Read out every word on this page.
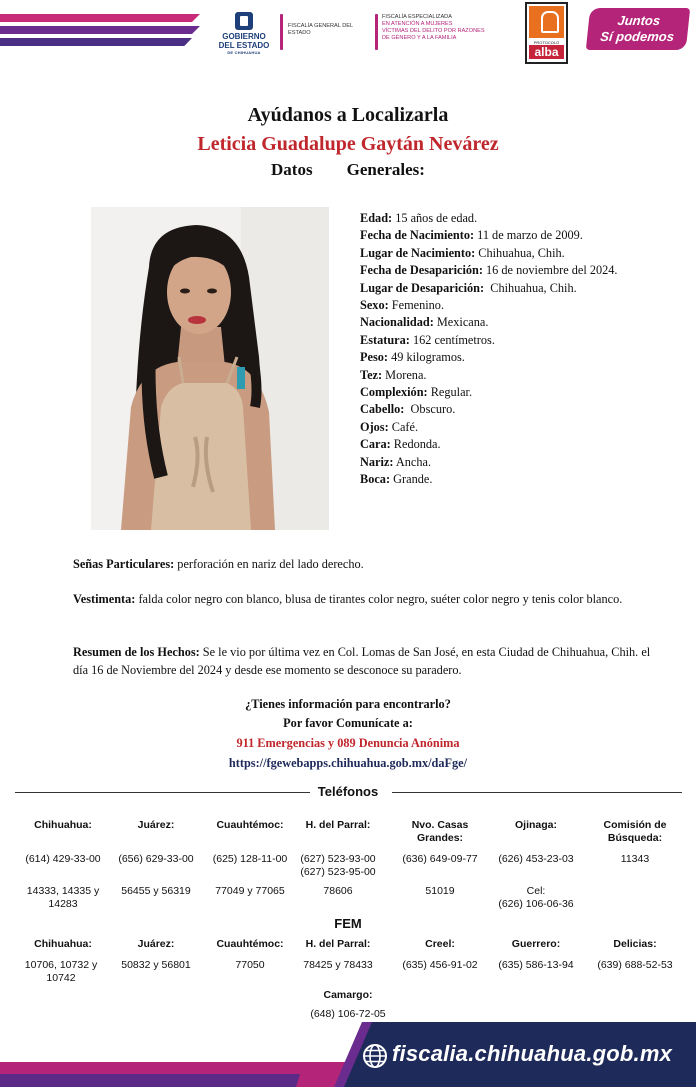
GOBIERNO
DEL ESTADO
DE CHIHUAHUA
FISCALÍA GENERAL DEL ESTADO
FISCALÍA ESPECIALIZADA
EN ATENCIÓN A MUJERES
VÍCTIMAS DEL DELITO POR RAZONES
DE GÉNERO Y A LA FAMILIA
PROTOCOLO
alba
Juntos
Sí podemos
Ayúdanos a Localizarla
Leticia Guadalupe Gaytán Nevárez
Datos Generales:
Edad: 15 años de edad.
Fecha de Nacimiento: 11 de marzo de 2009.
Lugar de Nacimiento: Chihuahua, Chih.
Fecha de Desaparición: 16 de noviembre del 2024.
Lugar de Desaparición:  Chihuahua, Chih.
Sexo: Femenino.
Nacionalidad: Mexicana.
Estatura: 162 centímetros.
Peso: 49 kilogramos.
Tez: Morena.
Complexión: Regular.
Cabello:  Obscuro.
Ojos: Café.
Cara: Redonda.
Nariz: Ancha.
Boca: Grande.
Señas Particulares: perforación en nariz del lado derecho.
Vestimenta: falda color negro con blanco, blusa de tirantes color negro, suéter color negro y tenis color blanco.
Resumen de los Hechos: Se le vio por última vez en Col. Lomas de San José, en esta Ciudad de Chihuahua, Chih. el día 16 de Noviembre del 2024 y desde ese momento se desconoce su paradero.
¿Tienes información para encontrarlo?
Por favor Comunícate a:
911 Emergencias y 089 Denuncia Anónima
https://fgewebapps.chihuahua.gob.mx/daFge/
Teléfonos
Chihuahua:
(614) 429-33-00
14333, 14335 y 14283
Juárez:
(656) 629-33-00
56455 y 56319
Cuauhtémoc:
(625) 128-11-00
77049 y 77065
H. del Parral:
(627) 523-93-00
(627) 523-95-00
78606
Nvo. Casas Grandes:
(636) 649-09-77
51019
Ojinaga:
(626) 453-23-03
Cel:
(626) 106-06-36
Comisión de Búsqueda:
11343
FEM
Chihuahua:
10706, 10732 y 10742
Juárez:
50832 y 56801
Cuauhtémoc:
77050
H. del Parral:
78425 y 78433
Creel:
(635) 456-91-02
Guerrero:
(635) 586-13-94
Delicias:
(639) 688-52-53
Camargo:
(648) 106-72-05
fiscalia.chihuahua.gob.mx
